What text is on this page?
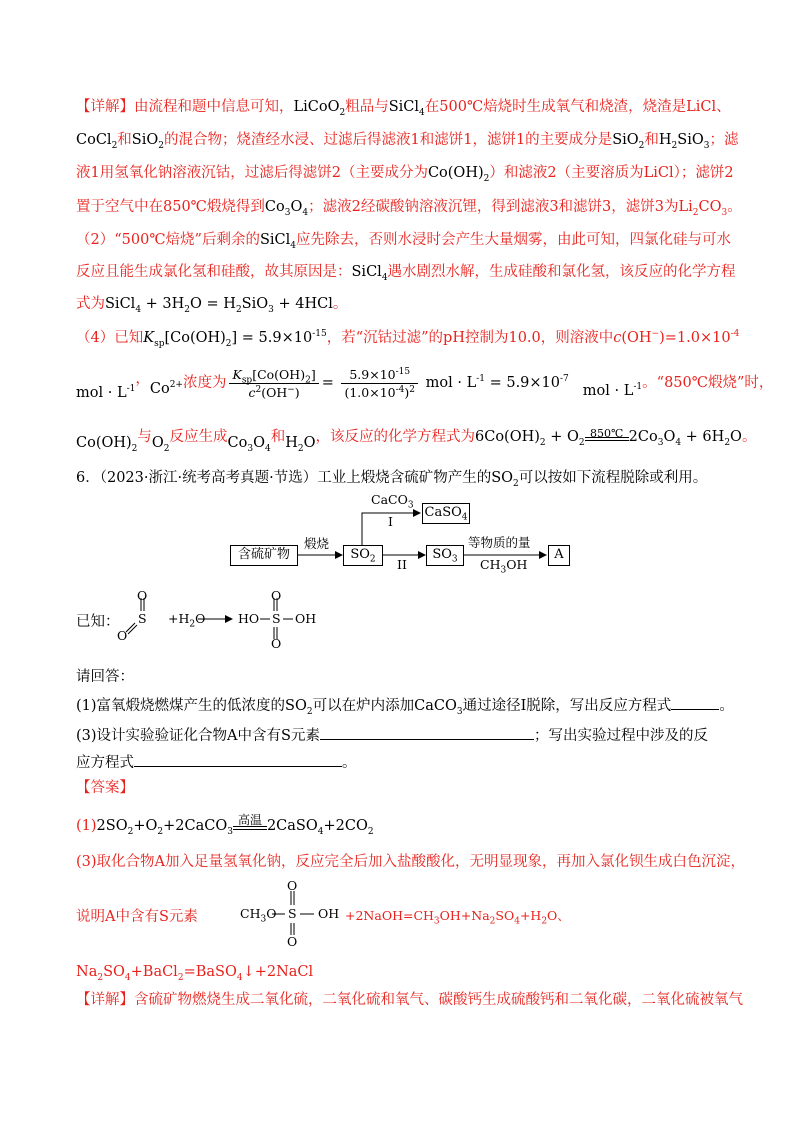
【详解】由流程和题中信息可知，LiCoO$_2$粗品与SiCl$_4$在500℃焙烧时生成氧气和烧渣，烧渣是LiCl、
CoCl$_2$和SiO$_2$的混合物；烧渣经水浸、过滤后得滤液1和滤饼1，滤饼1的主要成分是SiO$_2$和$H_2SiO_3$；滤
液1用氢氧化钠溶液沉钴，过滤后得滤饼2（主要成分为$Co(OH)_2$）和滤液2（主要溶质为LiCl）；滤饼2
置于空气中在850℃煅烧得到$Co_3O_4$；滤液2经碳酸钠溶液沉锂，得到滤液3和滤饼3，滤饼3为$Li_2CO_3$。
（2）“500℃焙烧”后剩余的SiCl$_4$应先除去，否则水浸时会产生大量烟雾，由此可知，四氯化硅与可水
反应且能生成氯化氢和硅酸，故其原因是：SiCl$_4$遇水剧烈水解，生成硅酸和氯化氢，该反应的化学方程
式为SiCl$_4$ + $3H_2O = H_2SiO_3 + 4HCl$。
（4）已知$K_{sp}[Co(OH)_2] = 5.9\times 10^{-15}$，若“沉钴过滤”的pH控制为10.0，则溶液中$c(OH^-)=1.0\times 10^{-4}$
mol · $L^{-1}$，$Co^{2+}$浓度为 $\frac{K_{sp}[Co(OH)_2]}{c^2(OH^-)} = \frac{5.9\times 10^{-15}}{(1.0\times 10^{-4})^2}$ mol · $L^{-1} = 5.9\times 10^{-7}mol \cdot L^{-1}$。“850℃煅烧”时，
$Co(OH)_2$与$O_2$反应生成$Co_3O_4$和$H_2O$，该反应的化学方程式为$6Co(OH)_2 + O_2$
850℃ $2Co_3O_4 + 6H_2O$。
6．（2023·浙江·统考高考真题·节选）工业上煅烧含硫矿物产生的$SO_2$可以按如下流程脱除或利用。
含硫矿物
煅烧
$SO_2$
CaCO$_3$
I
CaSO$_4$
II
$SO_3$
等物质的量
$CH_3OH$
A
已知：
O
S
O
$+H_2O$	HO
O
S
O
OH
请回答：
(1)富氧煅烧燃煤产生的低浓度的$SO_2$可以在炉内添加CaCO$_3$通过途径Ⅰ脱除，写出反应方程式	。
(3)设计实验验证化合物A中含有S元素	；写出实验过程中涉及的反
应方程式	。
【答案】
$(1)2SO_2+O_2+2CaCO_3$
高温 $2CaSO_4+2CO_2$
(3)取化合物A加入足量氢氧化钠，反应完全后加入盐酸酸化，无明显现象，再加入氯化钡生成白色沉淀，
说明A中含有S元素	$CH_3O$ S OH
O
O
$+2NaOH=CH_3OH+Na_2SO_4+H_2O$、
$Na_2SO_4+BaCl_2=BaSO_4↓+2NaCl$
【详解】含硫矿物燃烧生成二氧化硫，二氧化硫和氧气、碳酸钙生成硫酸钙和二氧化碳，二氧化硫被氧气
